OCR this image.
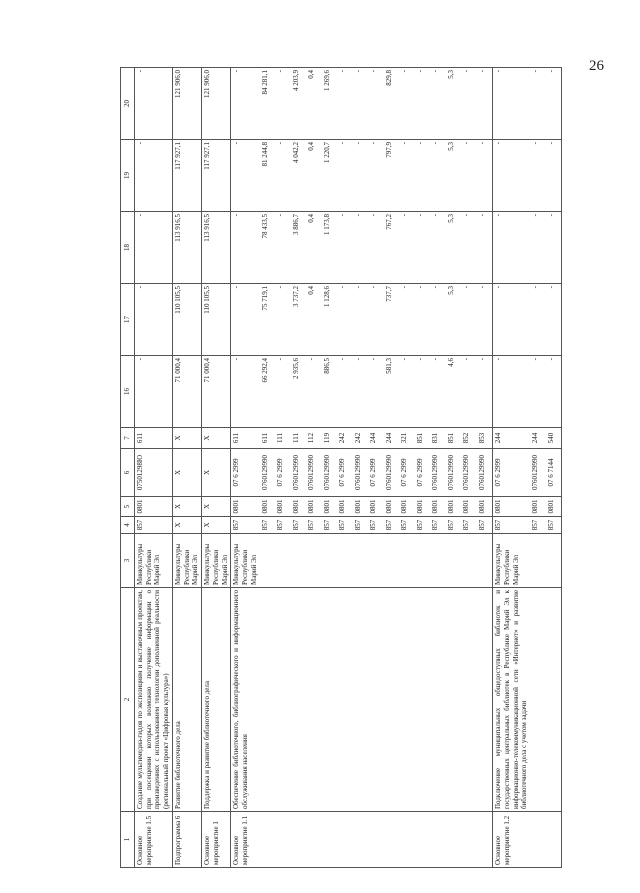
26
1	2	3	4	5	6	7	16	17	18	19	20
Основное мероприятие 1.5	Создание мультимедиа-гидов по экспозициям и выставочным проектам, при посещении которых возможно получение информации о произведениях с использованием технологии дополненной реальности (региональный проект «Цифровая культура»)	Минкультуры Республики Марий Эл	857	0801	07501298Ю	611	-	-	-	-	-
Подпрограмма 6	Развитие библиотечного дела	Минкультуры Республики Марий Эл	Х	Х	Х	Х	71 000,4	110 105,5	113 916,5	117 927,1	121 906,0
Основное мероприятие 1	Поддержка и развитие библиотечного дела	Минкультуры Республики Марий Эл	Х	Х	Х	Х	71 000,4	110 105,5	113 916,5	117 927,1	121 906,0
Основное мероприятие 1.1	Обеспечение библиотечного, библиографического и информационного обслуживания населения	Минкультуры Республики Марий Эл	857	0801	07 6 2999	611	-	-	-	-	-
			857	0801	0760129990	611	66 292,4	75 719,1	78 433,5	81 244,8	84 281,1
			857	0801	07 6 2999	111	-	-	-	-	-
			857	0801	0760129990	111	2 935,6	3 737,2	3 886,7	4 042,2	4 203,9
			857	0801	0760129990	112	-	0,4	0,4	0,4	0,4
			857	0801	0760129990	119	886,5	1 128,6	1 173,8	1 220,7	1 269,6
			857	0801	07 6 2999	242	-	-	-	-	-
			857	0801	0760129990	242	-	-	-	-	-
			857	0801	07 6 2999	244	-	-	-	-	-
			857	0801	0760129990	244	581,3	737,7	767,2	797,9	829,8
			857	0801	07 6 2999	321	-	-	-	-	-
			857	0801	07 6 2999	851	-	-	-	-	-
			857	0801	0760129990	831	-	-	-	-	-
			857	0801	0760129990	851	4,6	5,3	5,3	5,3	5,3
			857	0801	0760129990	852	-	-	-	-	-
			857	0801	0760129990	853	-	-	-	-	-
Основное мероприятие 1.2	Подключение муниципальных общедоступных библиотек и государственных центральных библиотек в Республике Марий Эл к информационно-телекоммуникационной сети «Интернет» и развитие библиотечного дела с учетом задачи	Минкультуры Республики Марий Эл	857	0801	07 6 2999	244	-	-	-	-	-
			857	0801	0760129990	244	-	-	-	-	-
			857	0801	07 6 7144	540	-	-	-	-	-
